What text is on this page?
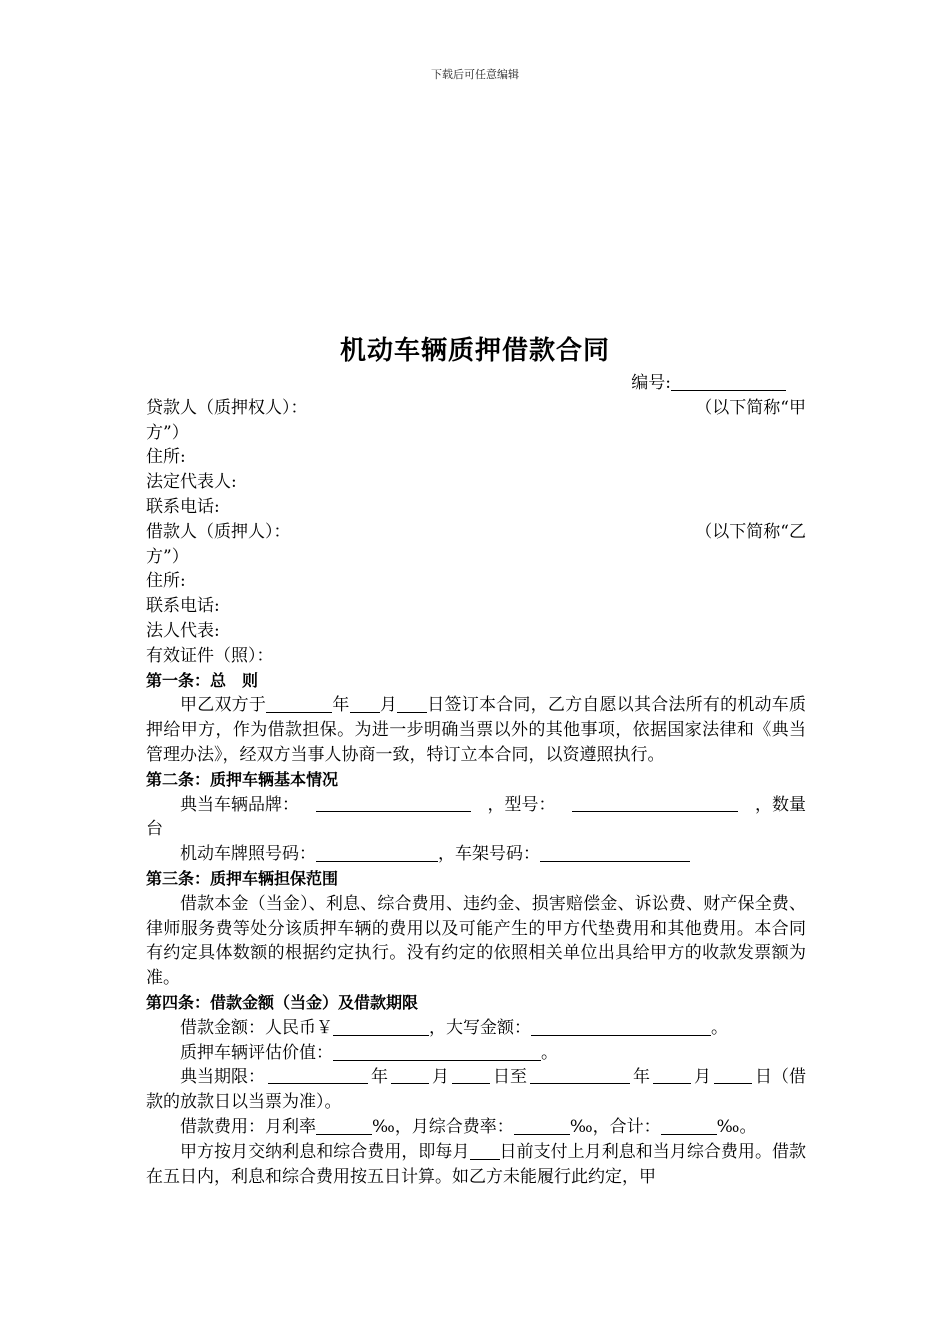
下载后可任意编辑
机动车辆质押借款合同
编号:
贷款人（质押权人）：	（以下简称“甲
方”）
住所:
法定代表人:
联系电话:
借款人（质押人）：	（以下简称“乙
方”）
住所:
联系电话:
法人代表:
有效证件（照）：
第一条：总　则
甲乙双方于	年 月 日签订本合同，乙方自愿以其合法所有的机动车质押给甲方，作为借款担保。为进一步明确当票以外的其他事项，依据国家法律和《典当管理办法》，经双方当事人协商一致，特订立本合同，以资遵照执行。
第二条：质押车辆基本情况
典当车辆品牌：	，型号：	，数量
台
机动车牌照号码：	，车架号码：
第三条：质押车辆担保范围
借款本金（当金）、利息、综合费用、违约金、损害赔偿金、诉讼费、财产保全费、律师服务费等处分该质押车辆的费用以及可能产生的甲方代垫费用和其他费用。本合同有约定具体数额的根据约定执行。没有约定的依照相关单位出具给甲方的收款发票额为准。
第四条：借款金额（当金）及借款期限
借款金额：人民币￥	，大写金额：	。
质押车辆评估价值：	。
典当期限：	年	月	日至	年	月	日（借
款的放款日以当票为准）。
借款费用：月利率	‰，月综合费率：	‰，合计：	‰。
甲方按月交纳利息和综合费用，即每月 日前支付上月利息和当月综合费用。借款在五日内，利息和综合费用按五日计算。如乙方未能履行此约定，甲
